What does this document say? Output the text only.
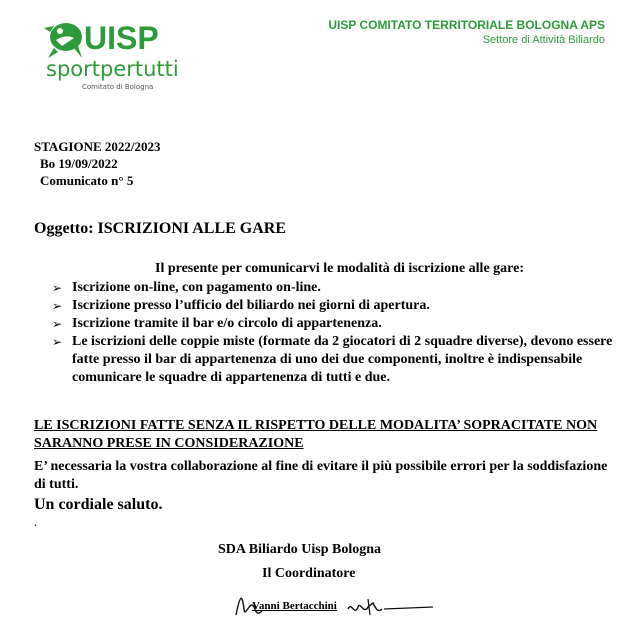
UISP
sportpertutti
Comitato di Bologna
UISP COMITATO TERRITORIALE BOLOGNA APS
Settore di Attività Biliardo
STAGIONE 2022/2023
Bo 19/09/2022
Comunicato n° 5
Oggetto: ISCRIZIONI ALLE GARE
Il presente per comunicarvi le modalità di iscrizione alle gare:
➢ Iscrizione on-line, con pagamento on-line.
➢ Iscrizione presso l’ufficio del biliardo nei giorni di apertura.
➢ Iscrizione tramite il bar e/o circolo di appartenenza.
➢ Le iscrizioni delle coppie miste (formate da 2 giocatori di 2 squadre diverse), devono essere fatte presso il bar di appartenenza di uno dei due componenti, inoltre è indispensabile comunicare le squadre di appartenenza di tutti e due.
LE ISCRIZIONI FATTE SENZA IL RISPETTO DELLE MODALITA’ SOPRACITATE NON SARANNO PRESE IN CONSIDERAZIONE
E’ necessaria la vostra collaborazione al fine di evitare il più possibile errori per la soddisfazione di tutti.
Un cordiale saluto.
.
SDA Biliardo Uisp Bologna
Il Coordinatore
Vanni Bertacchini
